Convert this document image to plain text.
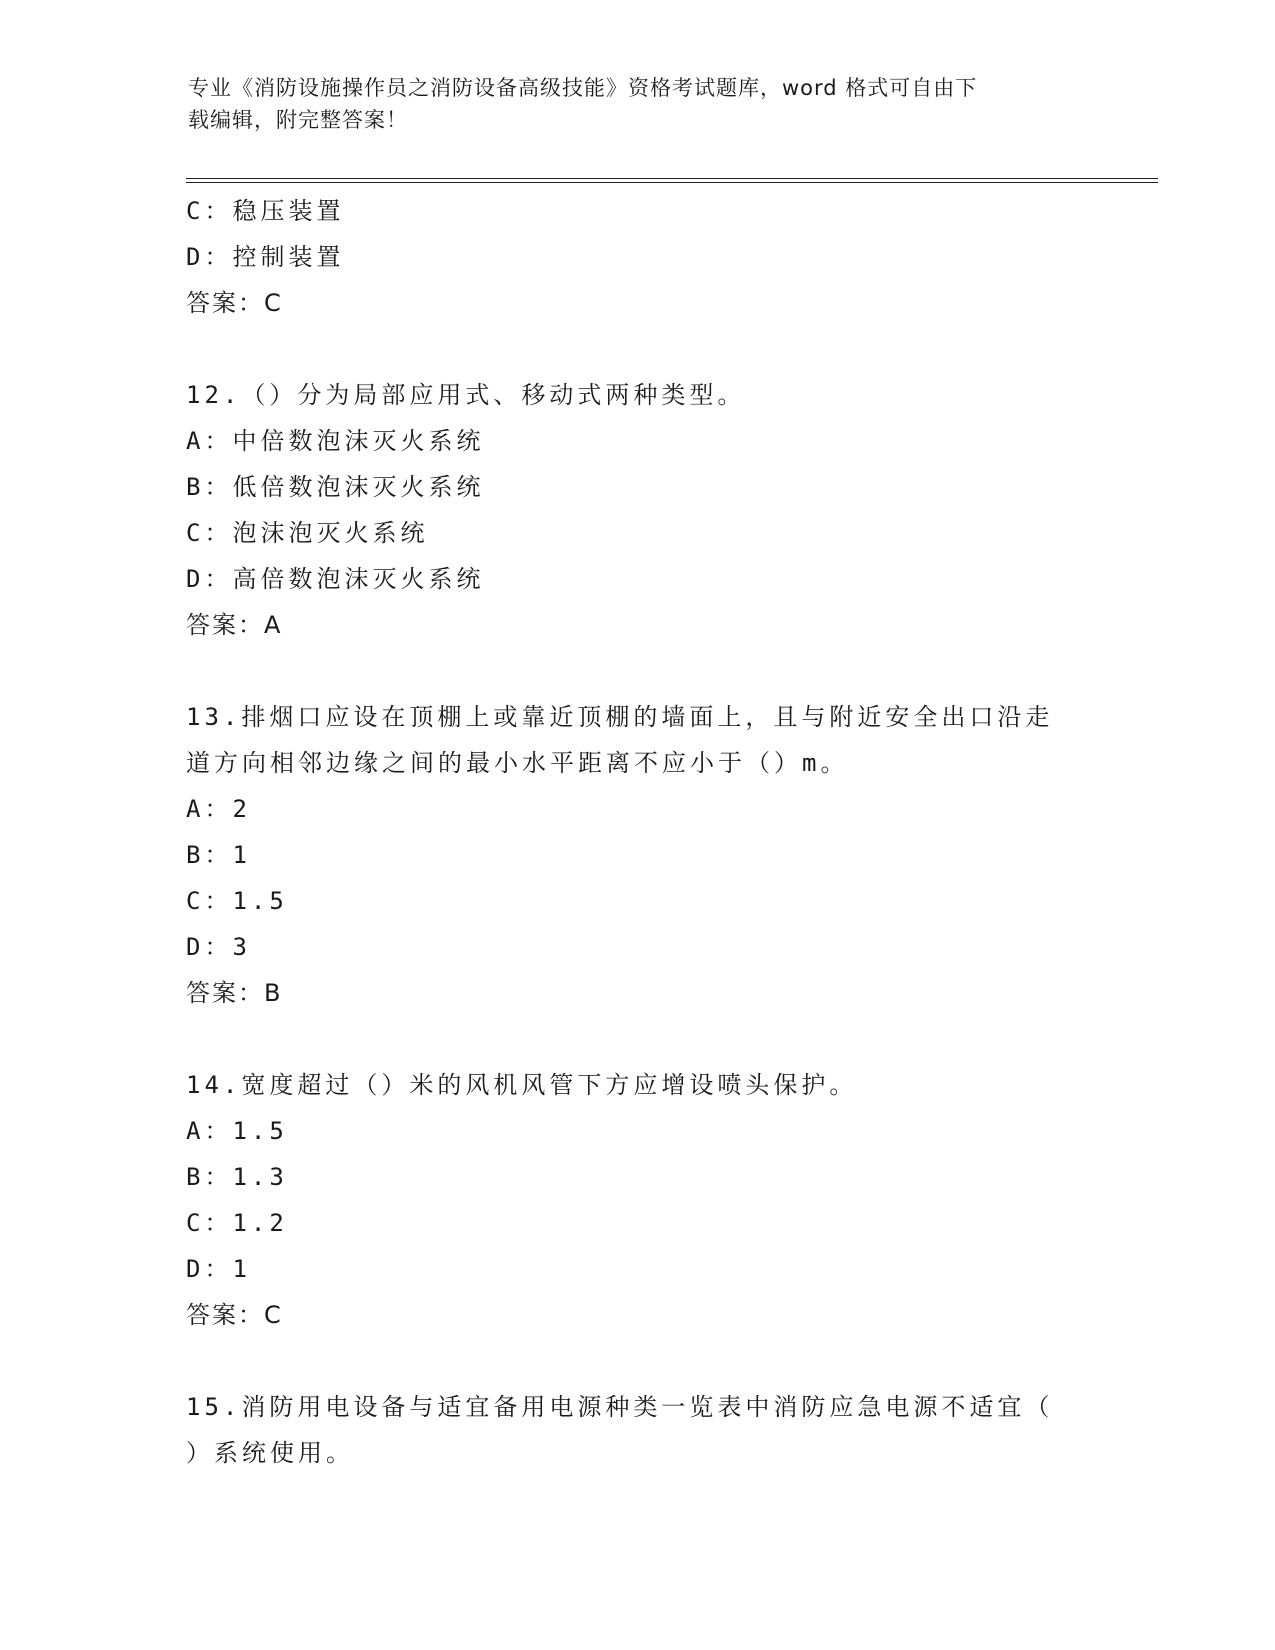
专业《消防设施操作员之消防设备高级技能》资格考试题库，word 格式可自由下
载编辑，附完整答案！
C：稳压装置
D：控制装置
答案：C
12.（）分为局部应用式、移动式两种类型。
A：中倍数泡沫灭火系统
B：低倍数泡沫灭火系统
C：泡沫泡灭火系统
D：高倍数泡沫灭火系统
答案：A
13.排烟口应设在顶棚上或靠近顶棚的墙面上，且与附近安全出口沿走
道方向相邻边缘之间的最小水平距离不应小于（）m。
A：2
B：1
C：1.5
D：3
答案：B
14.宽度超过（）米的风机风管下方应增设喷头保护。
A：1.5
B：1.3
C：1.2
D：1
答案：C
15.消防用电设备与适宜备用电源种类一览表中消防应急电源不适宜（
）系统使用。
